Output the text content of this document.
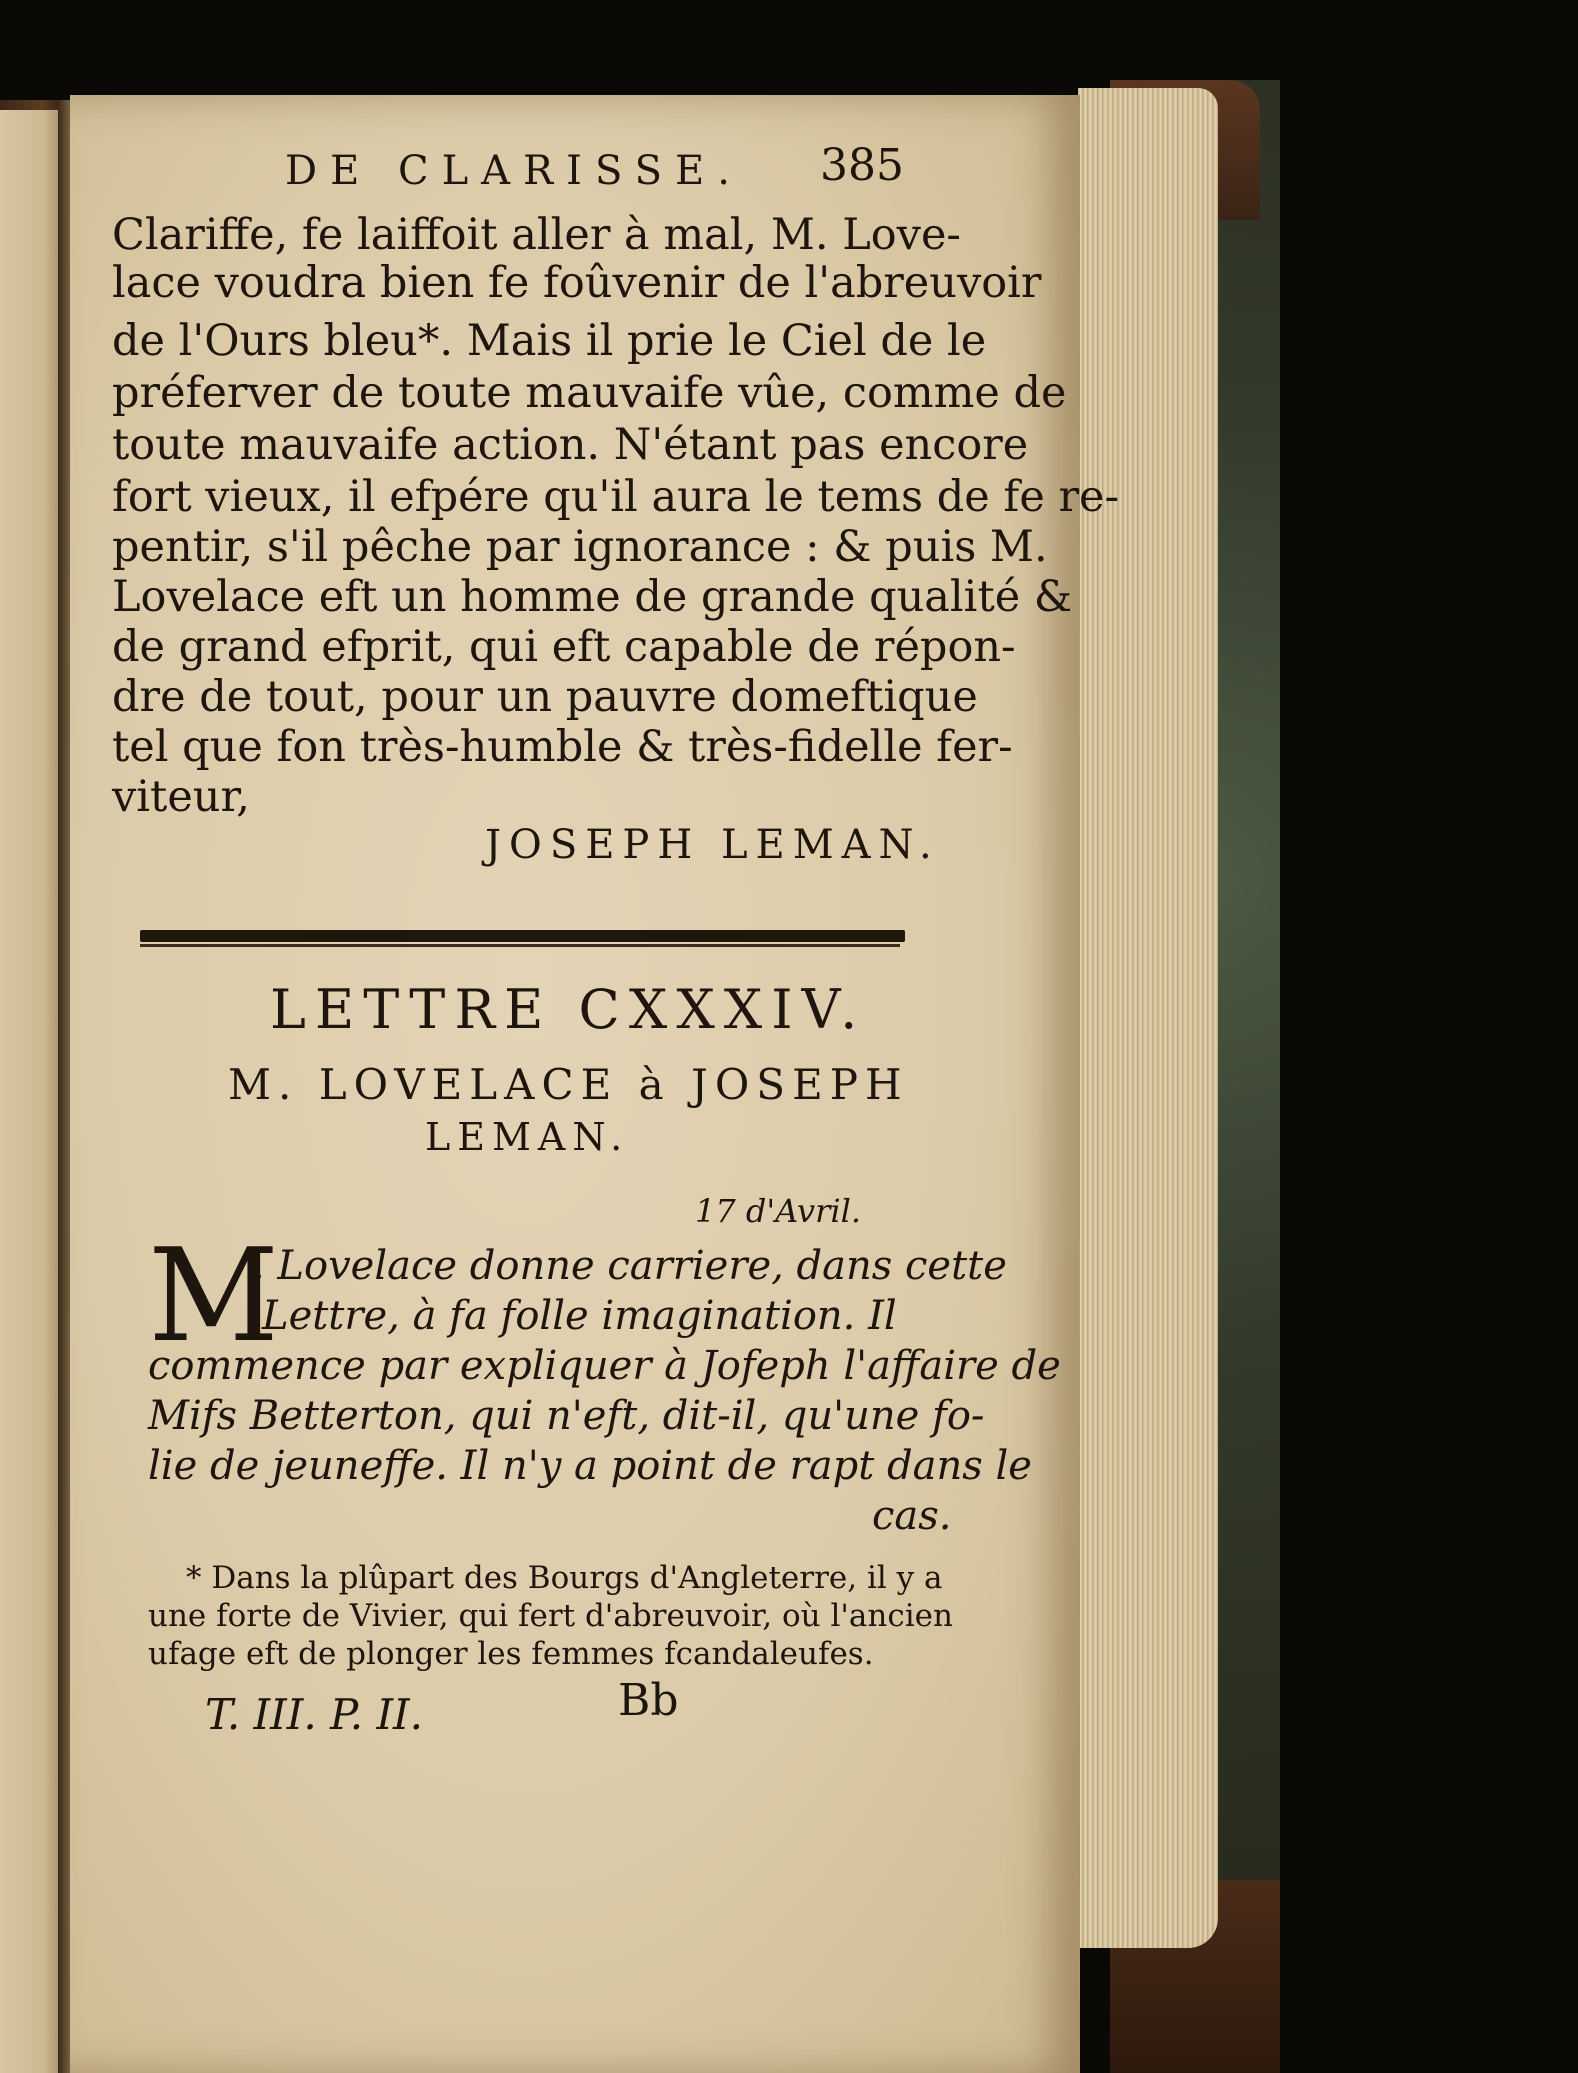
DE CLARISSE. 385
Clariffe, fe laiffoit aller à mal, M. Love-
lace voudra bien fe foûvenir de l'abreuvoir
de l'Ours bleu*. Mais il prie le Ciel de le
préferver de toute mauvaife vûe, comme de
toute mauvaife action. N'étant pas encore
fort vieux, il efpére qu'il aura le tems de fe re-
pentir, s'il pêche par ignorance : & puis M.
Lovelace eft un homme de grande qualité &
de grand efprit, qui eft capable de répon-
dre de tout, pour un pauvre domeftique
tel que fon très-humble & très-fidelle fer-
viteur,
JOSEPH LEMAN.
LETTRE CXXXIV.
M. LOVELACE à JOSEPH
LEMAN.
17 d'Avril.
M
. Lovelace donne carriere, dans cette
Lettre, à fa folle imagination. Il
commence par expliquer à Jofeph l'affaire de
Mifs Betterton, qui n'eft, dit-il, qu'une fo-
lie de jeuneffe. Il n'y a point de rapt dans le
cas.
* Dans la plûpart des Bourgs d'Angleterre, il y a
une forte de Vivier, qui fert d'abreuvoir, où l'ancien
ufage eft de plonger les femmes fcandaleufes.
T. III. P. II.	Bb
